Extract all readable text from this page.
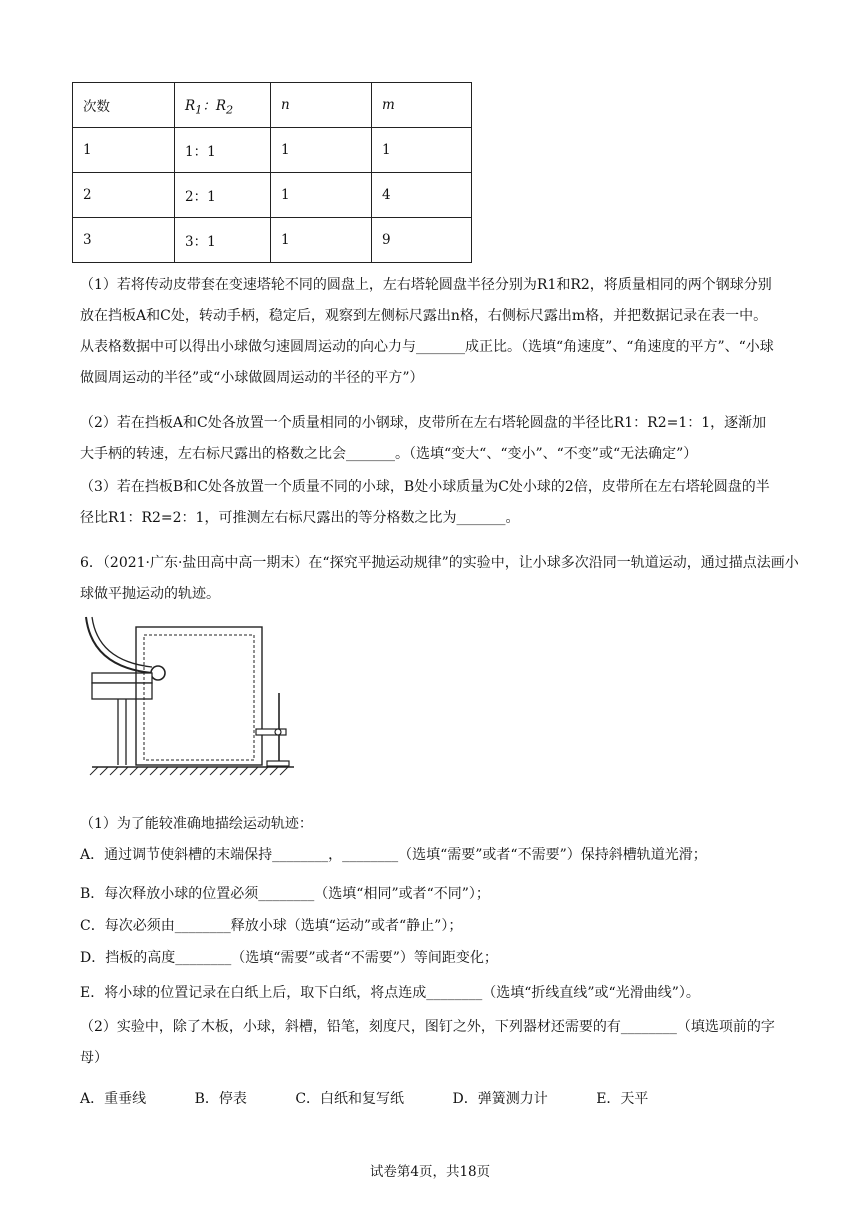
次数	$R_1$：$R_2$	n	m
1	1：1	1	1
2	2：1	1	4
3	3：1	1	9
（1）若将传动皮带套在变速塔轮不同的圆盘上，左右塔轮圆盘半径分别为R1和R2，将质量相同的两个钢球分别放在挡板A和C处，转动手柄，稳定后，观察到左侧标尺露出n格，右侧标尺露出m格，并把数据记录在表一中。从表格数据中可以得出小球做匀速圆周运动的向心力与_______成正比。（选填“角速度”、“角速度的平方”、“小球做圆周运动的半径”或“小球做圆周运动的半径的平方”）
（2）若在挡板A和C处各放置一个质量相同的小钢球，皮带所在左右塔轮圆盘的半径比R1：R2=1：1，逐渐加大手柄的转速，左右标尺露出的格数之比会_______。（选填“变大“、“变小”、“不变”或“无法确定”）
（3）若在挡板B和C处各放置一个质量不同的小球，B处小球质量为C处小球的2倍，皮带所在左右塔轮圆盘的半径比R1：R2=2：1，可推测左右标尺露出的等分格数之比为_______。
6．（2021·广东·盐田高中高一期末）在“探究平抛运动规律”的实验中，让小球多次沿同一轨道运动，通过描点法画小球做平抛运动的轨迹。
（1）为了能较准确地描绘运动轨迹：
A．通过调节使斜槽的末端保持________，________（选填“需要”或者“不需要”）保持斜槽轨道光滑；
B．每次释放小球的位置必须________（选填“相同”或者“不同”）；
C．每次必须由________释放小球（选填“运动”或者“静止”）；
D．挡板的高度________（选填“需要”或者“不需要”）等间距变化；
E．将小球的位置记录在白纸上后，取下白纸，将点连成________（选填“折线直线”或“光滑曲线”）。
（2）实验中，除了木板，小球，斜槽，铅笔，刻度尺，图钉之外，下列器材还需要的有________（填选项前的字母）
A．重垂线	B．停表	C．白纸和复写纸	D．弹簧测力计	E．天平
试卷第4页，共18页
